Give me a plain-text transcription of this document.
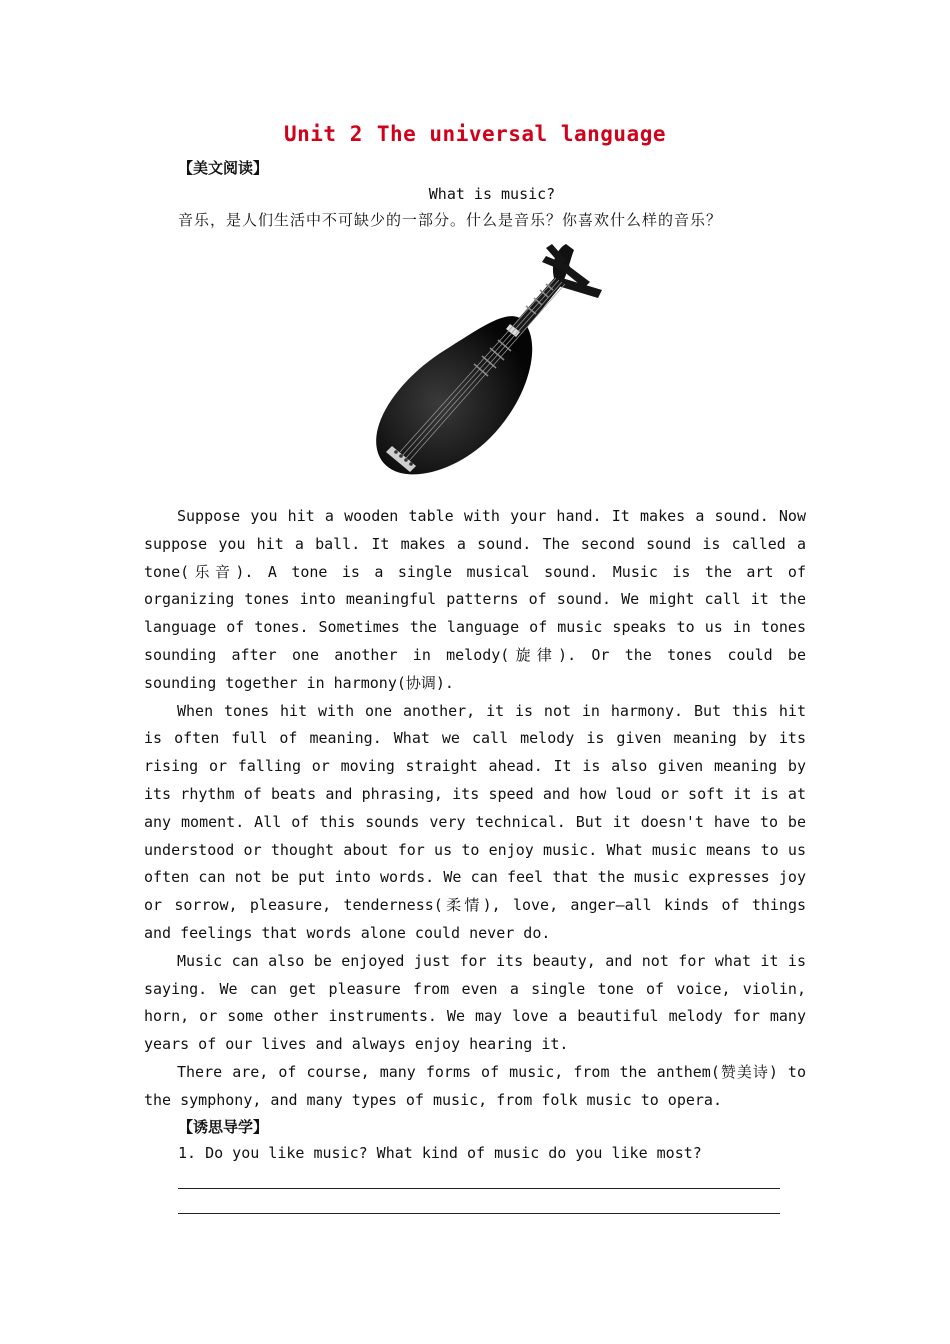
Unit 2 The universal language
【美文阅读】
What is music?
音乐，是人们生活中不可缺少的一部分。什么是音乐？你喜欢什么样的音乐？

Suppose you hit a wooden table with your hand. It makes a sound. Now suppose you hit a ball. It makes a sound. The second sound is called a tone(乐音). A tone is a single musical sound. Music is the art of organizing tones into meaningful patterns of sound. We might call it the language of tones. Sometimes the language of music speaks to us in tones sounding after one another in melody(旋律). Or the tones could be sounding together in harmony(协调).

When tones hit with one another, it is not in harmony. But this hit is often full of meaning. What we call melody is given meaning by its rising or falling or moving straight ahead. It is also given meaning by its rhythm of beats and phrasing, its speed and how loud or soft it is at any moment. All of this sounds very technical. But it doesn't have to be understood or thought about for us to enjoy music. What music means to us often can not be put into words. We can feel that the music expresses joy or sorrow, pleasure, tenderness(柔情), love, anger—all kinds of things and feelings that words alone could never do.

Music can also be enjoyed just for its beauty, and not for what it is saying. We can get pleasure from even a single tone of voice, violin, horn, or some other instruments. We may love a beautiful melody for many years of our lives and always enjoy hearing it.

There are, of course, many forms of music, from the anthem(赞美诗) to the symphony, and many types of music, from folk music to opera.

【诱思导学】
1. Do you like music? What kind of music do you like most?
